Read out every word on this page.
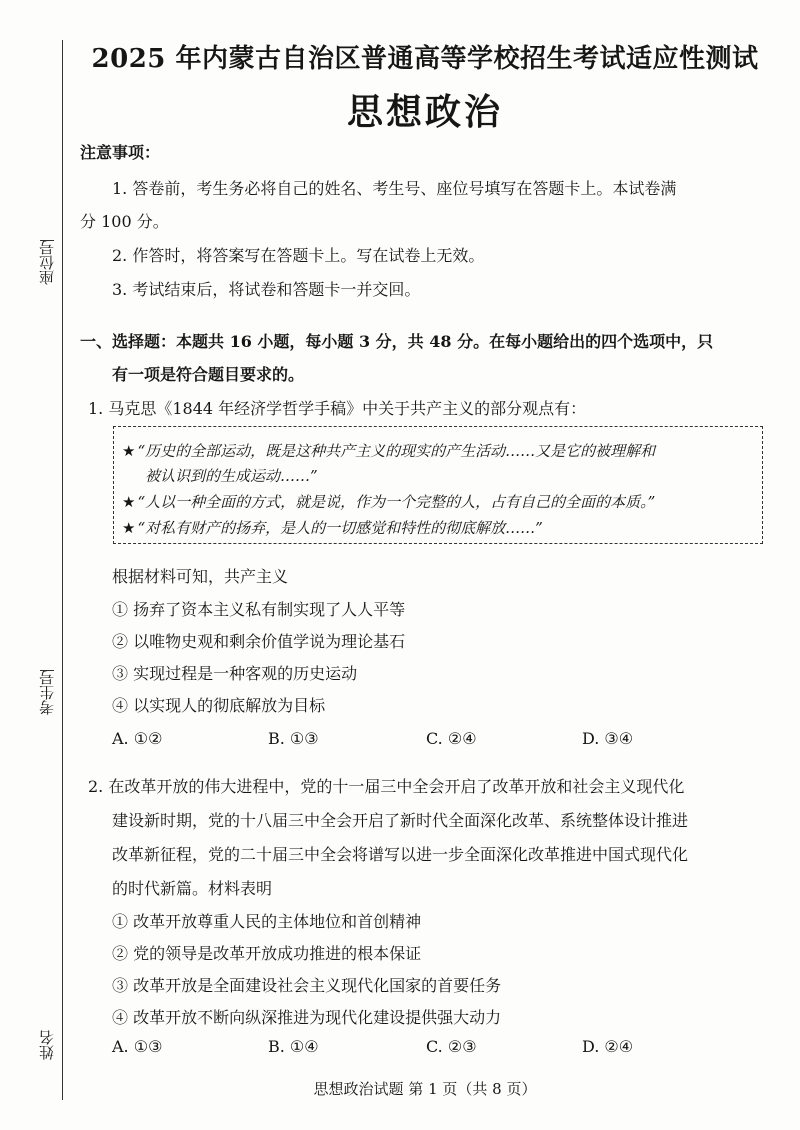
座位号
考生号
姓名
2025 年内蒙古自治区普通高等学校招生考试适应性测试
思想政治
注意事项：
1. 答卷前，考生务必将自己的姓名、考生号、座位号填写在答题卡上。本试卷满
分 100 分。
2. 作答时，将答案写在答题卡上。写在试卷上无效。
3. 考试结束后，将试卷和答题卡一并交回。
一、选择题：本题共 16 小题，每小题 3 分，共 48 分。在每小题给出的四个选项中，只
有一项是符合题目要求的。
1. 马克思《1844 年经济学哲学手稿》中关于共产主义的部分观点有：
★ “历史的全部运动，既是这种共产主义的现实的产生活动……又是它的被理解和
被认识到的生成运动……”
★ “人以一种全面的方式，就是说，作为一个完整的人，占有自己的全面的本质。”
★ “对私有财产的扬弃，是人的一切感觉和特性的彻底解放……”
根据材料可知，共产主义
① 扬弃了资本主义私有制实现了人人平等
② 以唯物史观和剩余价值学说为理论基石
③ 实现过程是一种客观的历史运动
④ 以实现人的彻底解放为目标
A. ①②	B. ①③	C. ②④	D. ③④
2. 在改革开放的伟大进程中，党的十一届三中全会开启了改革开放和社会主义现代化
建设新时期，党的十八届三中全会开启了新时代全面深化改革、系统整体设计推进
改革新征程，党的二十届三中全会将谱写以进一步全面深化改革推进中国式现代化
的时代新篇。材料表明
① 改革开放尊重人民的主体地位和首创精神
② 党的领导是改革开放成功推进的根本保证
③ 改革开放是全面建设社会主义现代化国家的首要任务
④ 改革开放不断向纵深推进为现代化建设提供强大动力
A. ①③	B. ①④	C. ②③	D. ②④
思想政治试题 第 1 页（共 8 页）
